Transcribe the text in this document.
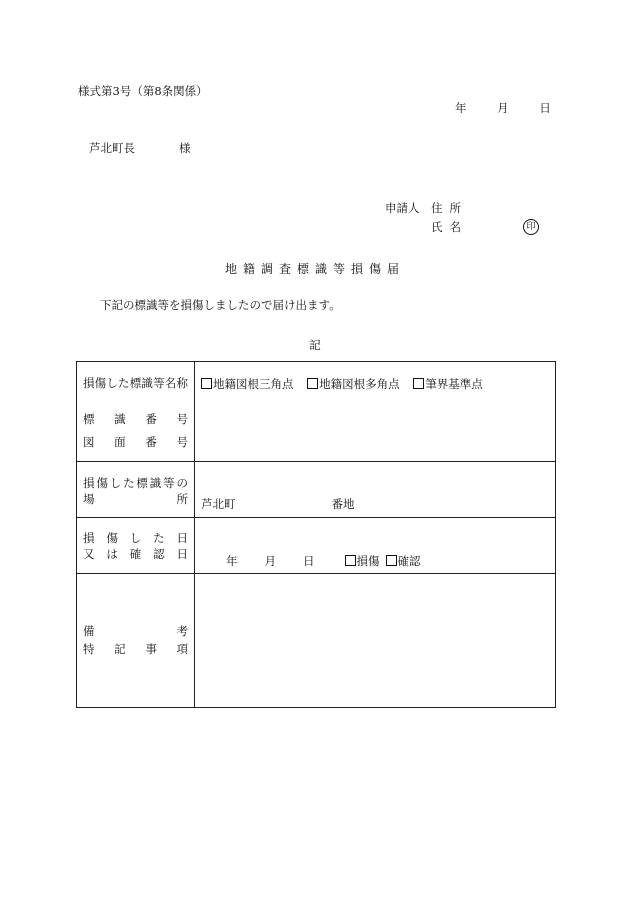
様式第3号（第8条関係）
年	月	日
芦北町長	様
申請人 住所
氏名	印
地籍調査標識等損傷届
下記の標識等を損傷しましたので届け出ます。
記
損傷した標識等名称
標識番号
図面番号	地籍図根三角点 地籍図根多角点 筆界基準点

損傷した標識等の
場所	芦北町 番地

損傷した日
又は確認日	年 月 日 損傷 確認

備考
特記事項	
